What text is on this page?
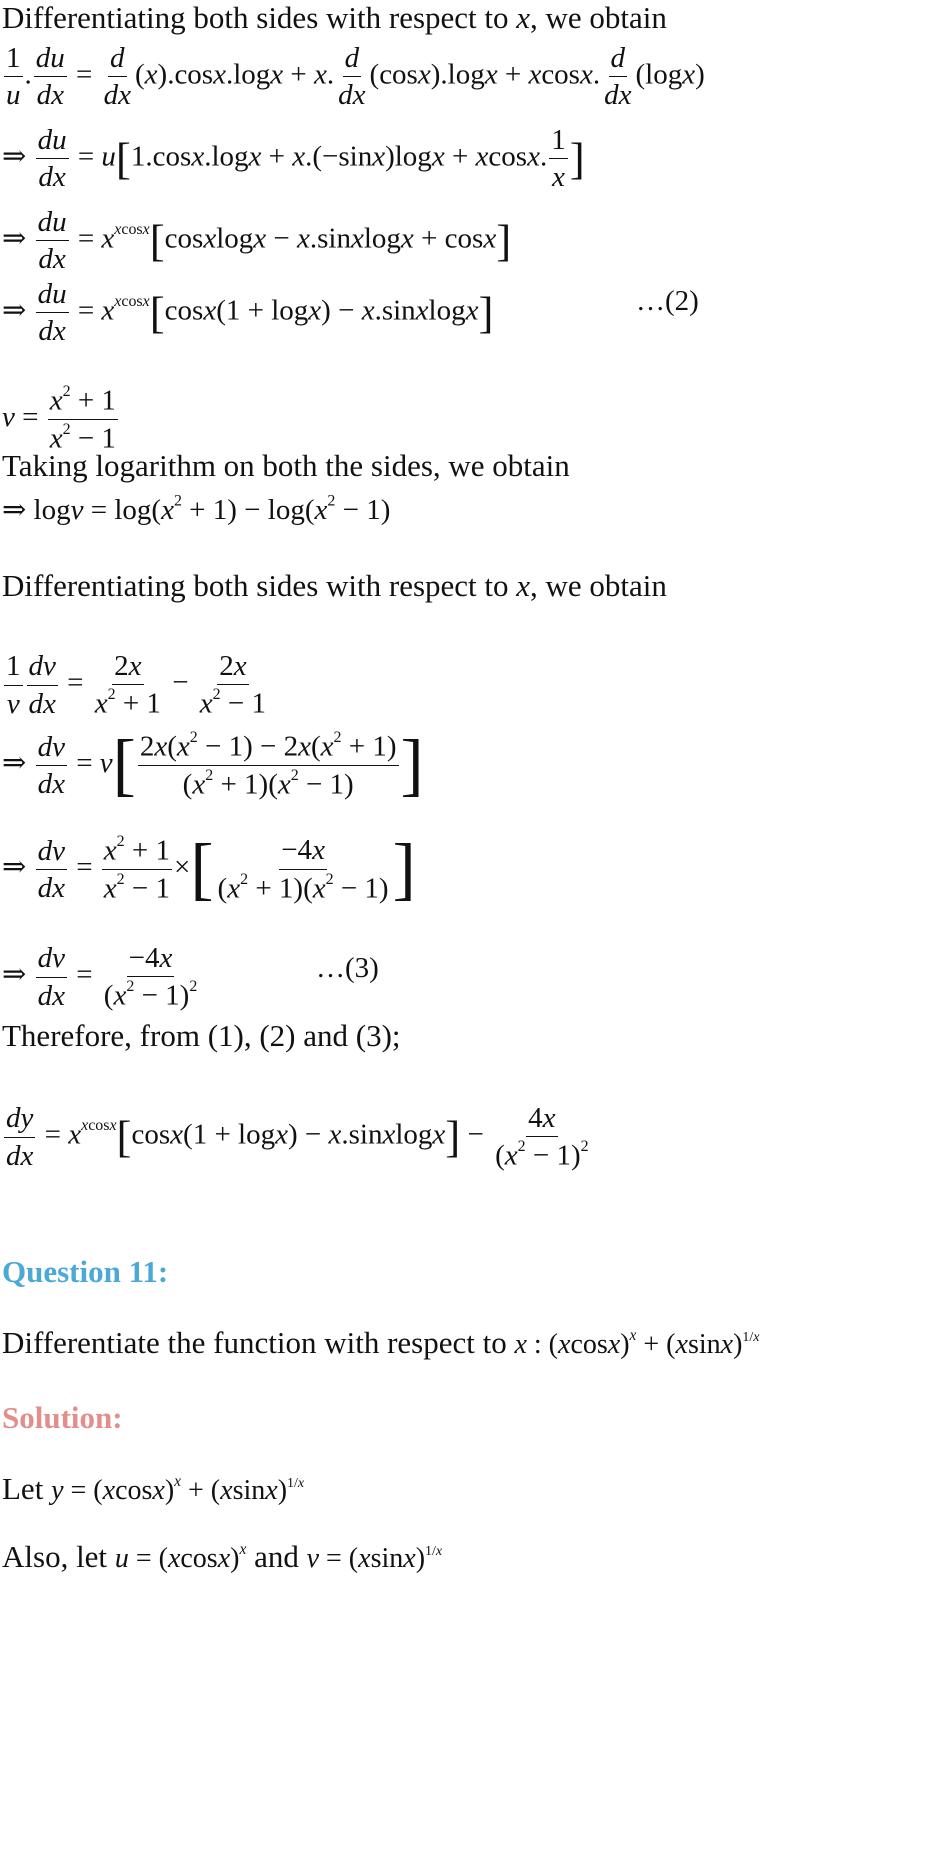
Differentiating both sides with respect to x, we obtain
$\frac{1}{u}$ . $\frac{du}{dx} = \frac{d}{dx} (x).\cos x.\log x + x$. $\frac{d}{dx} (\cos x).\log x + xcosx$. $\frac{d}{dx} (\log x)$
⇒ $\frac{du}{dx} = u[1.\cos x.\log x + x.(-\sin x)\log x + xcosx$. $\frac{1}{x}$ ]
⇒ $\frac{du}{dx}$ = $x^{xcosx}[cosxlogx$ − x.sinxlogx + cosx]
⇒ $\frac{du}{dx} = x^{xcosx}[\cos x(1 + \log x)$ − x.sinxlogx]	…(2)
$v = \frac{x^2 + 1}{x^2 - 1}$
Taking logarithm on both the sides, we obtain
⇒ $\log v = \log(x^2 + 1) - \log(x^2 - 1)$
Differentiating both sides with respect to x, we obtain
$\frac{1}{v} \frac{dv}{dx} = \frac{2x}{x^2 + 1} - \frac{2x}{x^2 - 1}$
⇒ $\frac{dv}{dx} = v[ \frac{2x(x^2 - 1) - 2x(x^2 + 1)}{(x^2 + 1)(x^2 - 1)}$ ]
⇒ $\frac{dv}{dx} = \frac{x^2 + 1}{x^2 - 1}$ ×[ $\frac{-4x}{(x^2 + 1)(x^2 - 1)}$ ]
⇒ $\frac{dv}{dx} = \frac{-4x}{(x^2 - 1)^2}$	…(3)
Therefore, from (1), (2) and (3);
$\frac{dy}{dx} = x^{xcosx}[\cos x(1 + \log x)$ − x.sinxlogx] − $\frac{4x}{(x^2 - 1)^2}$
Question 11:
Differentiate the function with respect to x : $(xcosx)^x + (xsinx)^{1/x}$
Solution:
Let $y = (xcosx)^x + (xsinx)^{1/x}$
Also, let $u = (xcosx)^x$ and $v = (xsinx)^{1/x}$
